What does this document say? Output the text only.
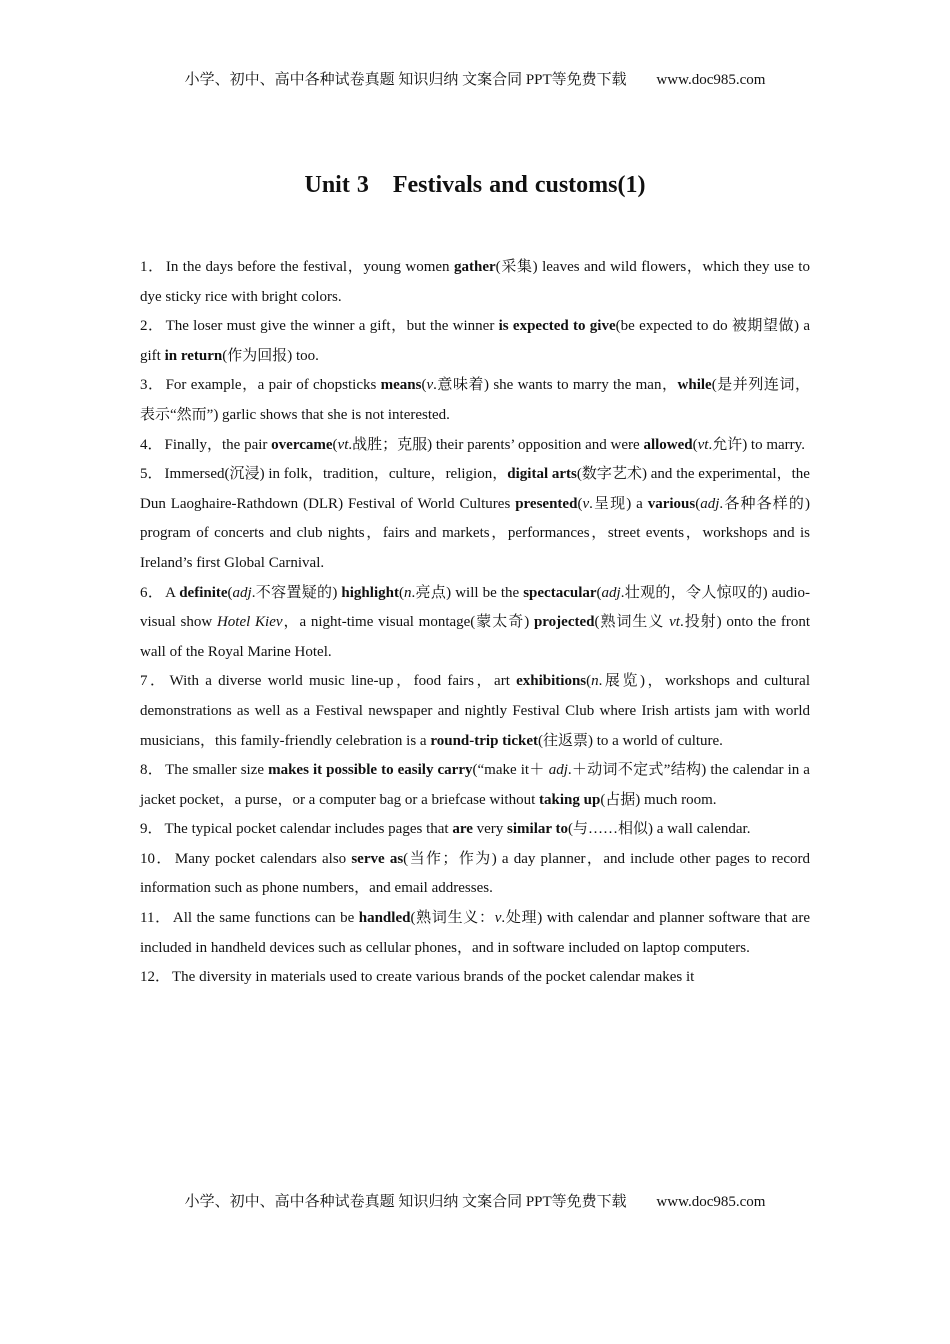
小学、初中、高中各种试卷真题 知识归纳 文案合同 PPT等免费下载 www.doc985.com
Unit 3 Festivals and customs(1)

1． In the days before the festival，young women gather(采集) leaves and wild flowers，which they use to dye sticky rice with bright colors.

2． The loser must give the winner a gift，but the winner is expected to give(be expected to do 被期望做) a gift in return(作为回报) too.

3． For example，a pair of chopsticks means(v.意味着) she wants to marry the man，while(是并列连词，表示“然而”) garlic shows that she is not interested.

4． Finally，the pair overcame(vt.战胜；克服) their parents’ opposition and were allowed(vt.允许) to marry.

5． Immersed(沉浸) in folk，tradition，culture，religion，digital arts(数字艺术) and the experimental，the Dun Laoghaire-Rathdown (DLR) Festival of World Cultures presented(v.呈现) a various(adj.各种各样的) program of concerts and club nights，fairs and markets，performances，street events，workshops and is Ireland’s first Global Carnival.

6． A definite(adj.不容置疑的) highlight(n.亮点) will be the spectacular(adj.壮观的，令人惊叹的) audio-visual show Hotel Kiev，a night-time visual montage(蒙太奇) projected(熟词生义 vt.投射) onto the front wall of the Royal Marine Hotel.

7． With a diverse world music line-up，food fairs，art exhibitions(n.展览)，workshops and cultural demonstrations as well as a Festival newspaper and nightly Festival Club where Irish artists jam with world musicians，this family-friendly celebration is a round-trip ticket(往返票) to a world of culture.

8． The smaller size makes it possible to easily carry(“make it＋ adj.＋动词不定式”结构) the calendar in a jacket pocket，a purse，or a computer bag or a briefcase without taking up(占据) much room.

9． The typical pocket calendar includes pages that are very similar to(与……相似) a wall calendar.

10． Many pocket calendars also serve as(当作；作为) a day planner，and include other pages to record information such as phone numbers，and email addresses.

11． All the same functions can be handled(熟词生义：v.处理) with calendar and planner software that are included in handheld devices such as cellular phones，and in software included on laptop computers.

12． The diversity in materials used to create various brands of the pocket calendar makes it

小学、初中、高中各种试卷真题 知识归纳 文案合同 PPT等免费下载 www.doc985.com
